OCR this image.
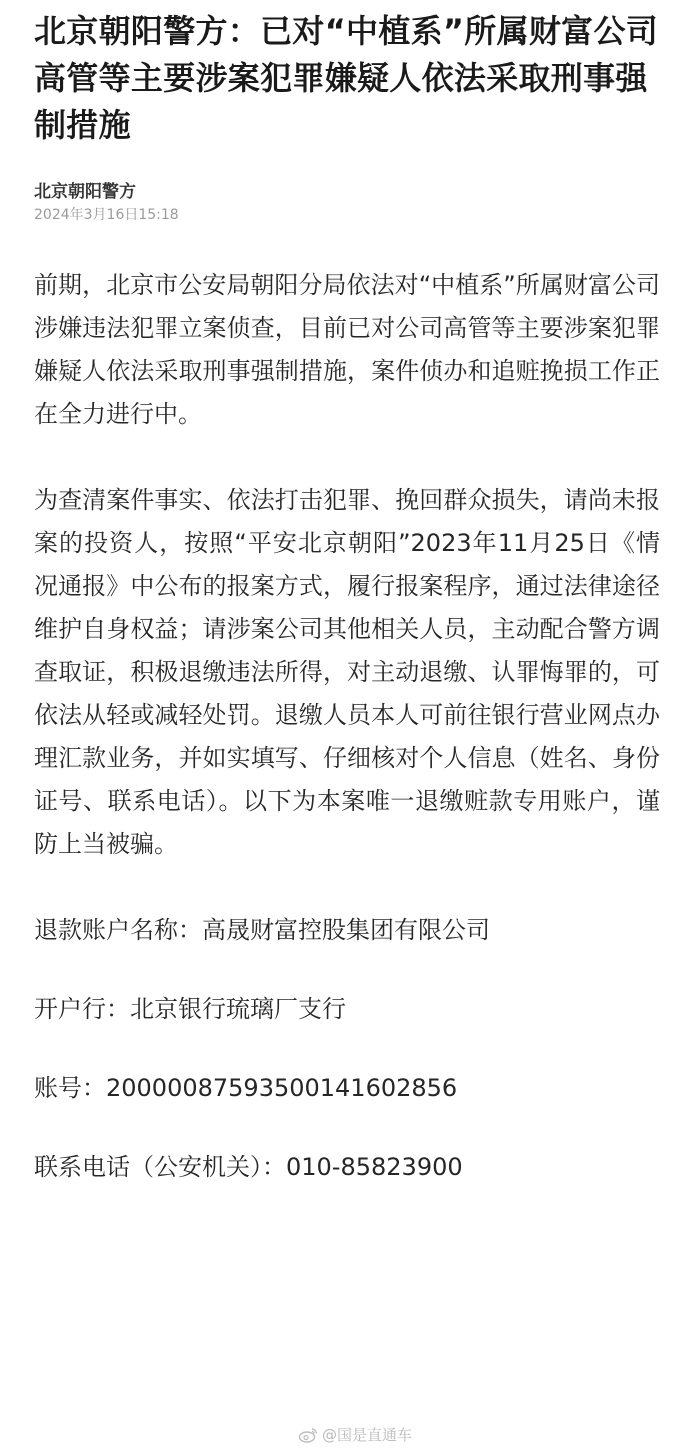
北京朝阳警方：已对“中植系”所属财富公司高管等主要涉案犯罪嫌疑人依法采取刑事强制措施
北京朝阳警方
2024年3月16日15:18

前期，北京市公安局朝阳分局依法对“中植系”所属财富公司涉嫌违法犯罪立案侦查，目前已对公司高管等主要涉案犯罪嫌疑人依法采取刑事强制措施，案件侦办和追赃挽损工作正在全力进行中。

为查清案件事实、依法打击犯罪、挽回群众损失，请尚未报案的投资人，按照“平安北京朝阳”2023年11月25日《情况通报》中公布的报案方式，履行报案程序，通过法律途径维护自身权益；请涉案公司其他相关人员，主动配合警方调查取证，积极退缴违法所得，对主动退缴、认罪悔罪的，可依法从轻或减轻处罚。退缴人员本人可前往银行营业网点办理汇款业务，并如实填写、仔细核对个人信息（姓名、身份证号、联系电话）。以下为本案唯一退缴赃款专用账户，谨防上当被骗。

退款账户名称：高晟财富控股集团有限公司

开户行：北京银行琉璃厂支行

账号：20000087593500141602856

联系电话（公安机关）：010-85823900

@国是直通车
